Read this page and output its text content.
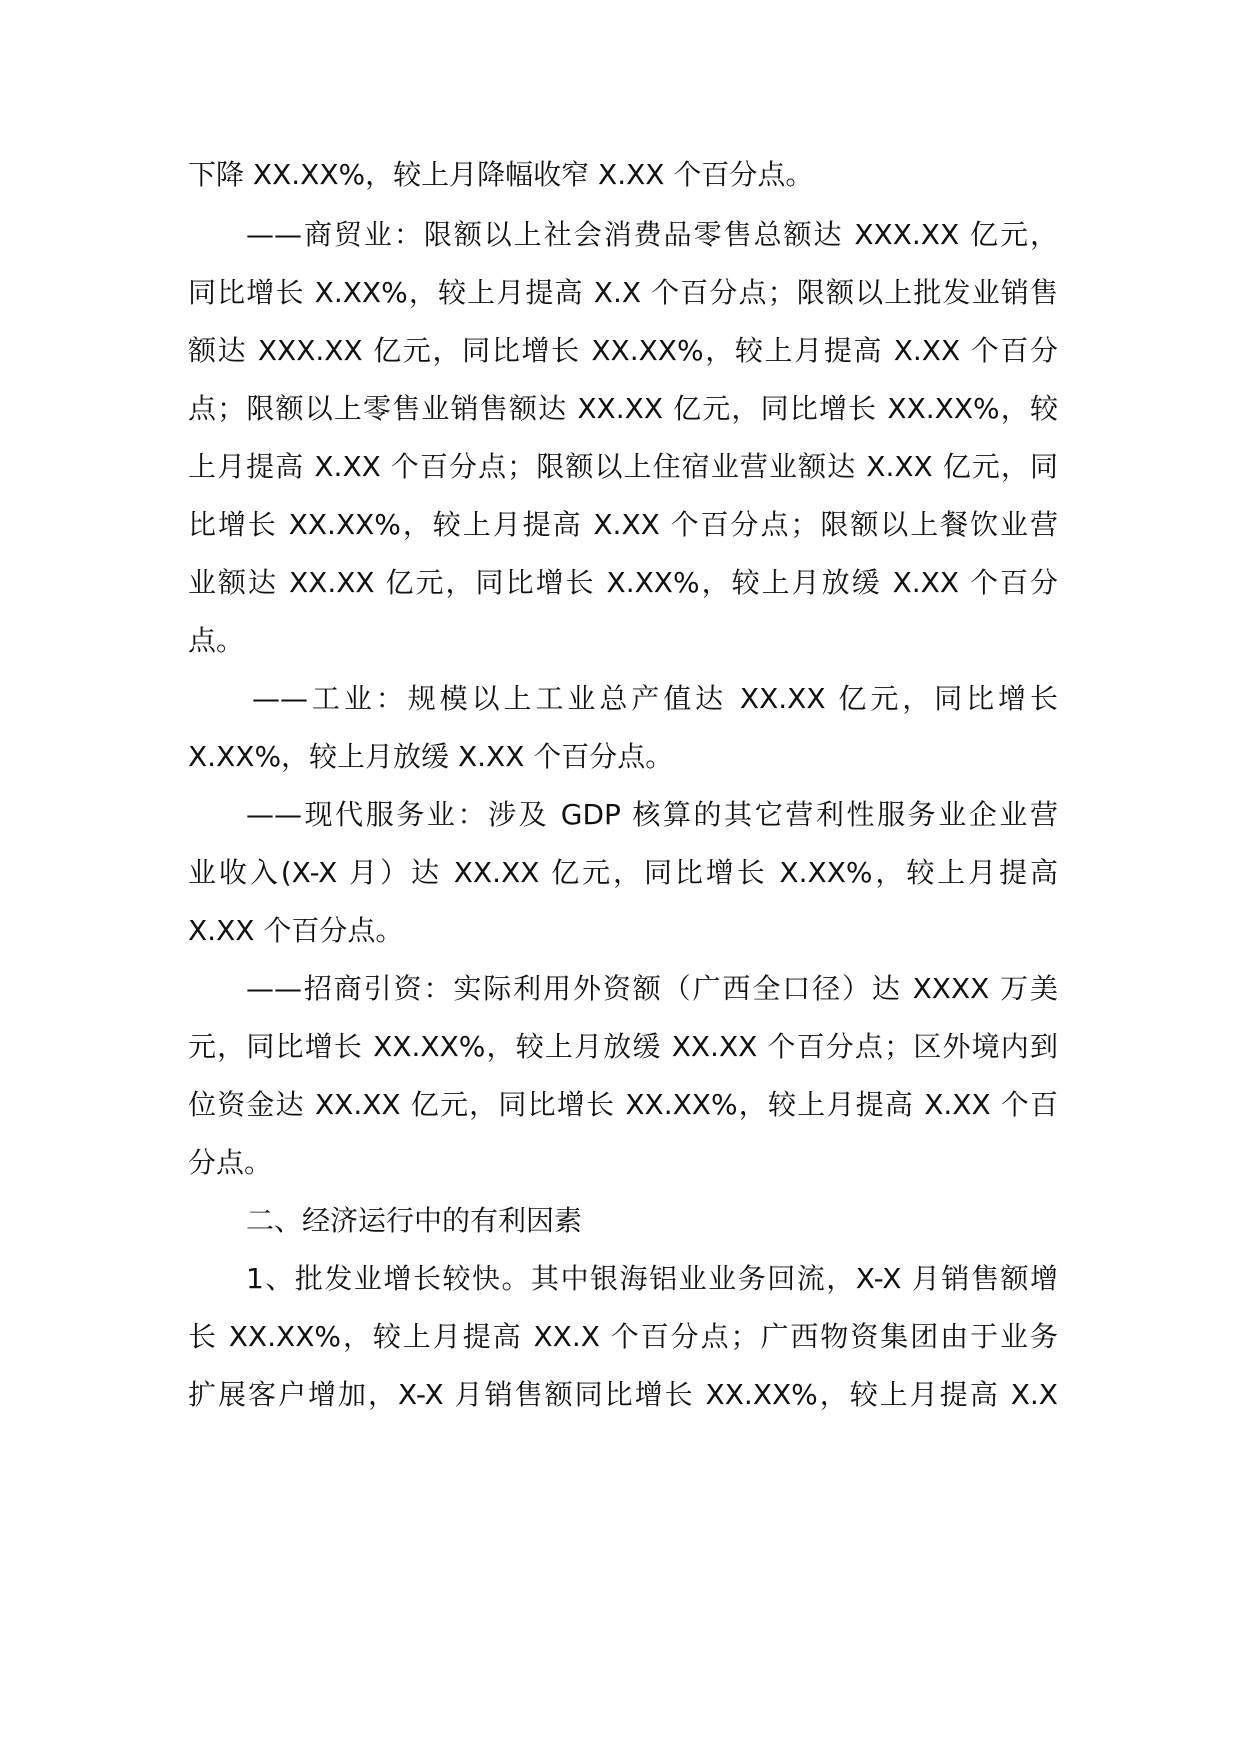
下降 XX.XX%，较上月降幅收窄 X.XX 个百分点。
——商贸业：限额以上社会消费品零售总额达 XXX.XX 亿元，
同比增长 X.XX%，较上月提高 X.X 个百分点；限额以上批发业销售
额达 XXX.XX 亿元，同比增长 XX.XX%，较上月提高 X.XX 个百分
点；限额以上零售业销售额达 XX.XX 亿元，同比增长 XX.XX%，较
上月提高 X.XX 个百分点；限额以上住宿业营业额达 X.XX 亿元，同
比增长 XX.XX%，较上月提高 X.XX 个百分点；限额以上餐饮业营
业额达 XX.XX 亿元，同比增长 X.XX%，较上月放缓 X.XX 个百分
点。
——工业：规模以上工业总产值达 XX.XX 亿元，同比增长
X.XX%，较上月放缓 X.XX 个百分点。
——现代服务业：涉及 GDP 核算的其它营利性服务业企业营
业收入(X-X 月）达 XX.XX 亿元，同比增长 X.XX%，较上月提高
X.XX 个百分点。
——招商引资：实际利用外资额（广西全口径）达 XXXX 万美
元，同比增长 XX.XX%，较上月放缓 XX.XX 个百分点；区外境内到
位资金达 XX.XX 亿元，同比增长 XX.XX%，较上月提高 X.XX 个百
分点。
二、经济运行中的有利因素
1、批发业增长较快。其中银海铝业业务回流，X-X 月销售额增
长 XX.XX%，较上月提高 XX.X 个百分点；广西物资集团由于业务
扩展客户增加，X-X 月销售额同比增长 XX.XX%，较上月提高 X.X
